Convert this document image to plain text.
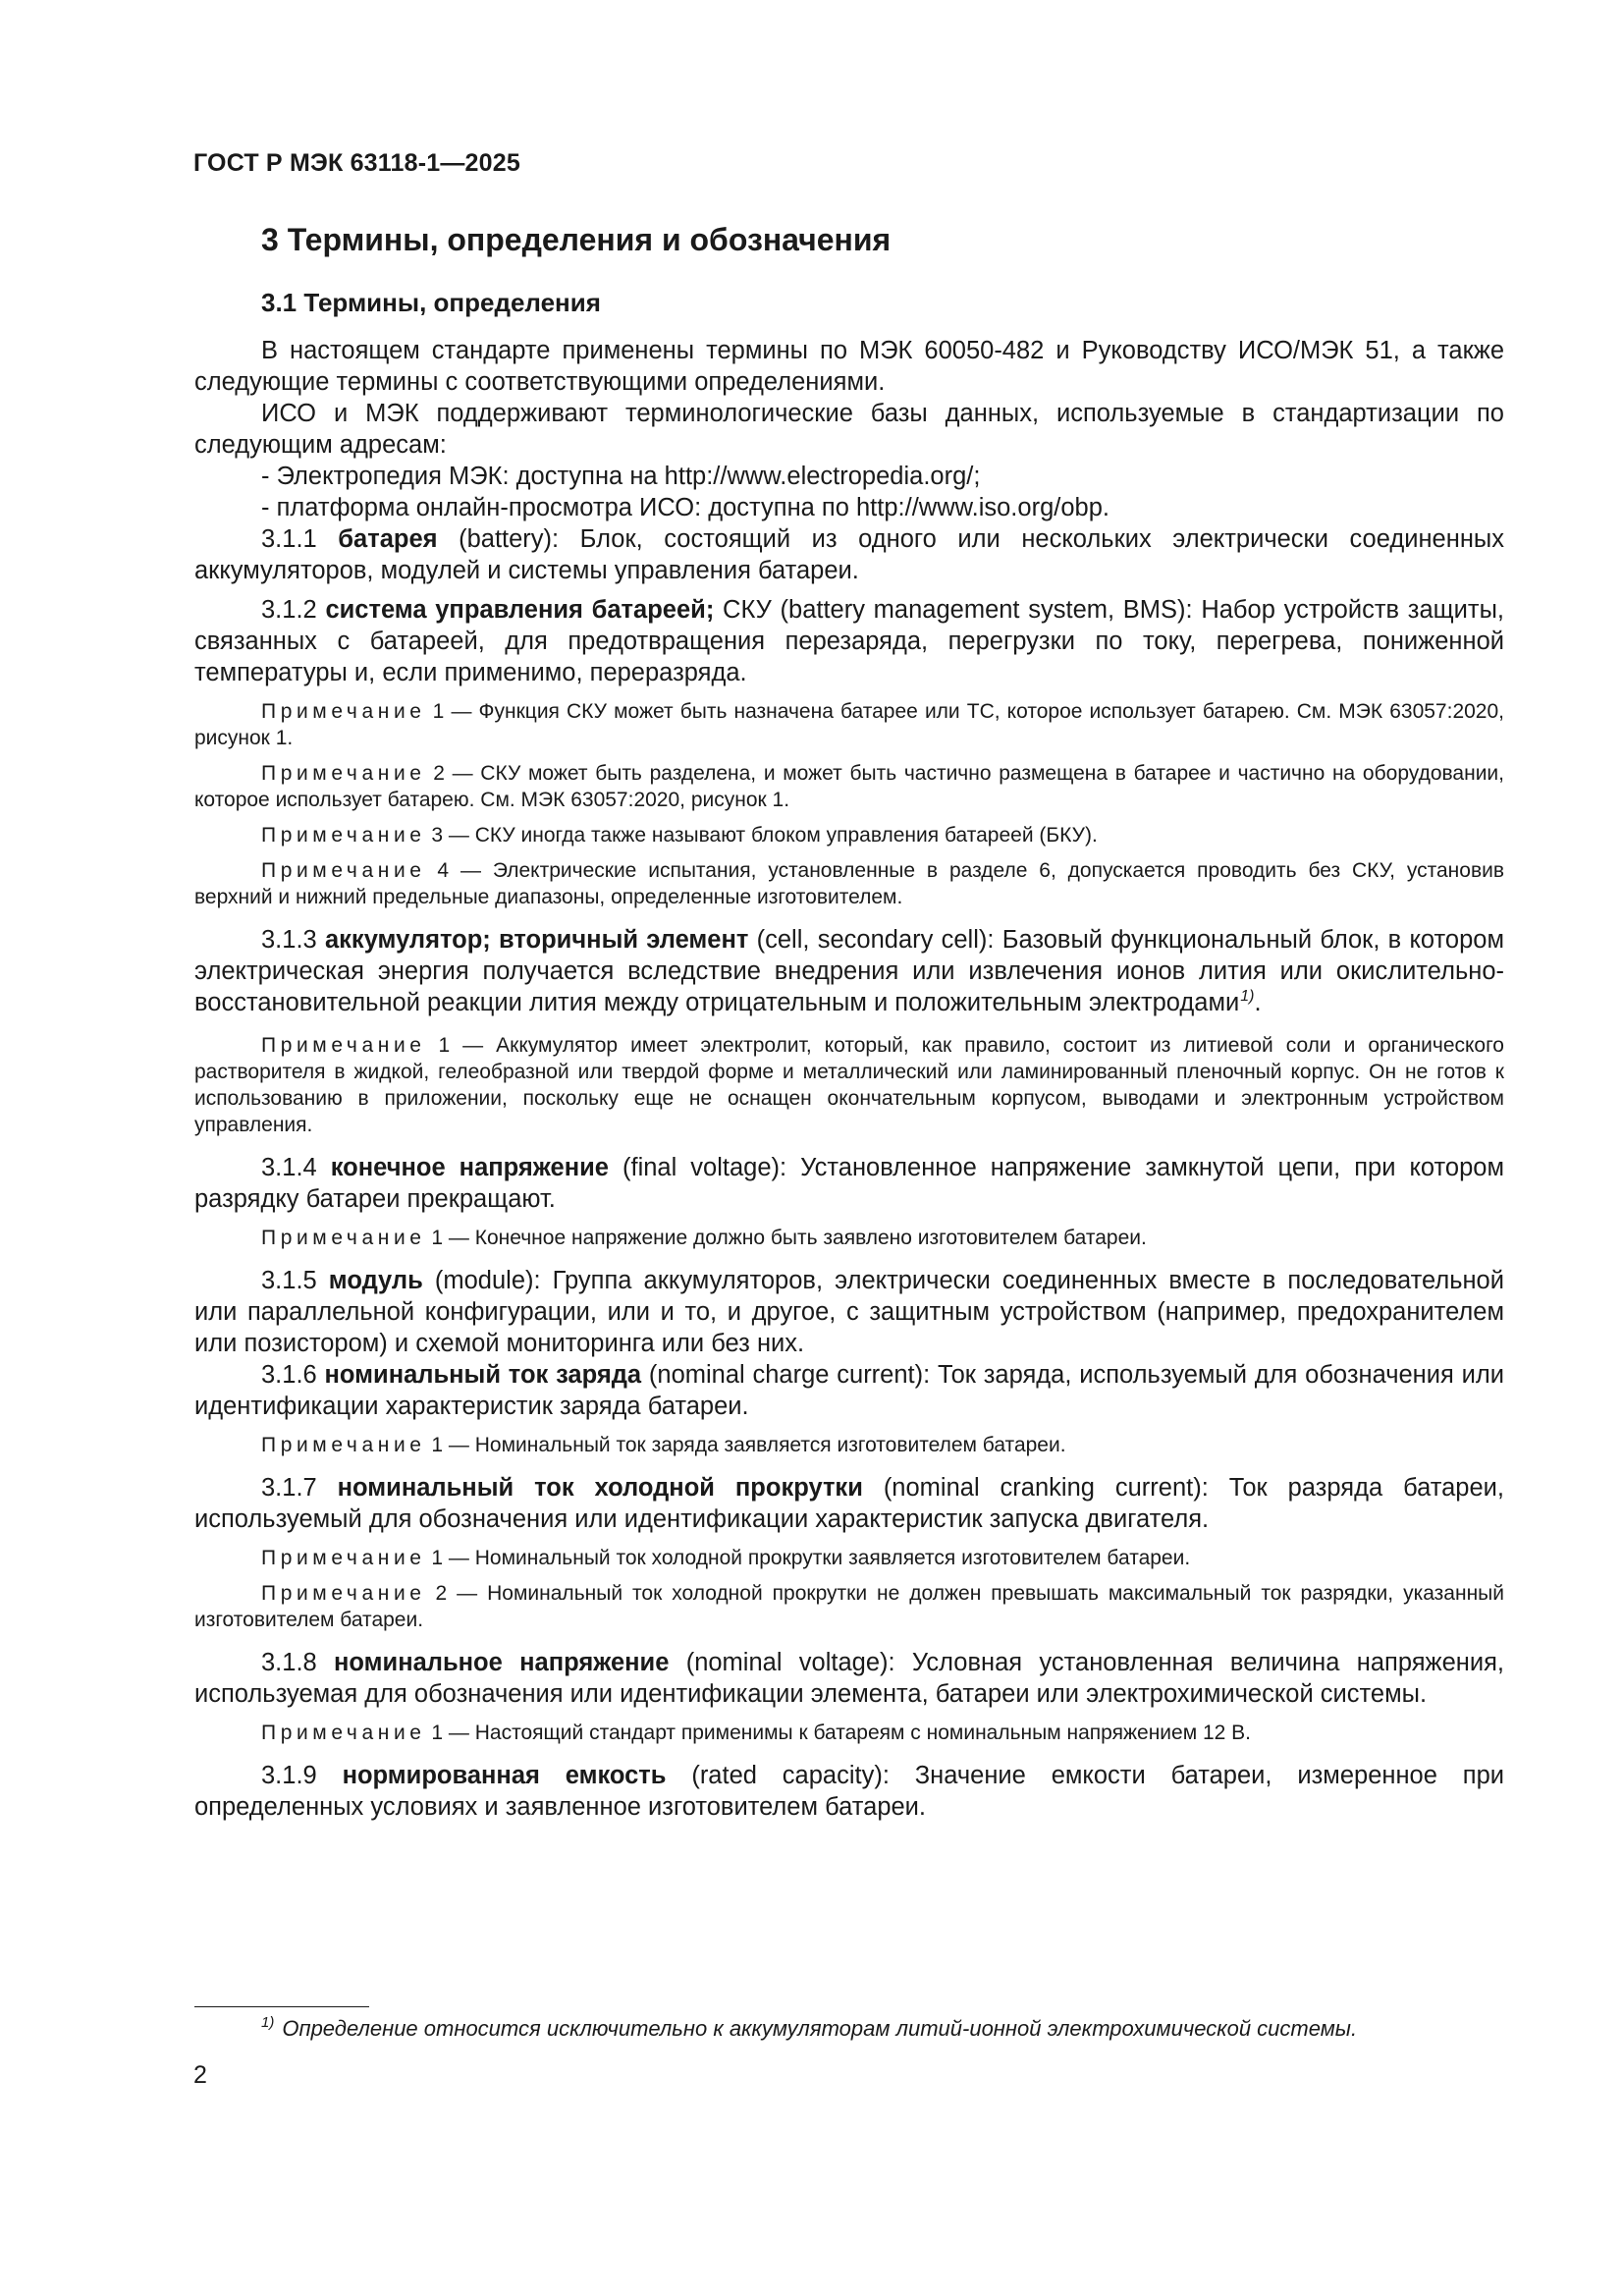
ГОСТ Р МЭК 63118-1—2025
3 Термины, определения и обозначения
3.1 Термины, определения

В настоящем стандарте применены термины по МЭК 60050-482 и Руководству ИСО/МЭК 51, а также следующие термины с соответствующими определениями.

ИСО и МЭК поддерживают терминологические базы данных, используемые в стандартизации по следующим адресам:

- Электропедия МЭК: доступна на http://www.electropedia.org/;

- платформа онлайн-просмотра ИСО: доступна по http://www.iso.org/obp.

3.1.1 батарея (battery): Блок, состоящий из одного или нескольких электрически соединенных аккумуляторов, модулей и системы управления батареи.

3.1.2 система управления батареей; СКУ (battery management system, BMS): Набор устройств защиты, связанных с батареей, для предотвращения перезаряда, перегрузки по току, перегрева, пониженной температуры и, если применимо, переразряда.

Примечание 1 — Функция СКУ может быть назначена батарее или ТС, которое использует батарею. См. МЭК 63057:2020, рисунок 1.

Примечание 2 — СКУ может быть разделена, и может быть частично размещена в батарее и частично на оборудовании, которое использует батарею. См. МЭК 63057:2020, рисунок 1.

Примечание 3 — СКУ иногда также называют блоком управления батареей (БКУ).

Примечание 4 — Электрические испытания, установленные в разделе 6, допускается проводить без СКУ, установив верхний и нижний предельные диапазоны, определенные изготовителем.

3.1.3 аккумулятор; вторичный элемент (cell, secondary cell): Базовый функциональный блок, в котором электрическая энергия получается вследствие внедрения или извлечения ионов лития или окислительно-восстановительной реакции лития между отрицательным и положительным электродами$^{1)}$.

Примечание 1 — Аккумулятор имеет электролит, который, как правило, состоит из литиевой соли и органического растворителя в жидкой, гелеобразной или твердой форме и металлический или ламинированный пленочный корпус. Он не готов к использованию в приложении, поскольку еще не оснащен окончательным корпусом, выводами и электронным устройством управления.

3.1.4 конечное напряжение (final voltage): Установленное напряжение замкнутой цепи, при котором разрядку батареи прекращают.

Примечание 1 — Конечное напряжение должно быть заявлено изготовителем батареи.

3.1.5 модуль (module): Группа аккумуляторов, электрически соединенных вместе в последовательной или параллельной конфигурации, или и то, и другое, с защитным устройством (например, предохранителем или позистором) и схемой мониторинга или без них.

3.1.6 номинальный ток заряда (nominal charge current): Ток заряда, используемый для обозначения или идентификации характеристик заряда батареи.

Примечание 1 — Номинальный ток заряда заявляется изготовителем батареи.

3.1.7 номинальный ток холодной прокрутки (nominal cranking current): Ток разряда батареи, используемый для обозначения или идентификации характеристик запуска двигателя.

Примечание 1 — Номинальный ток холодной прокрутки заявляется изготовителем батареи.

Примечание 2 — Номинальный ток холодной прокрутки не должен превышать максимальный ток разрядки, указанный изготовителем батареи.

3.1.8 номинальное напряжение (nominal voltage): Условная установленная величина напряжения, используемая для обозначения или идентификации элемента, батареи или электрохимической системы.

Примечание 1 — Настоящий стандарт применимы к батареям с номинальным напряжением 12 В.

3.1.9 нормированная емкость (rated capacity): Значение емкости батареи, измеренное при определенных условиях и заявленное изготовителем батареи.

$^{1)}$ Определение относится исключительно к аккумуляторам литий-ионной электрохимической системы.
2
